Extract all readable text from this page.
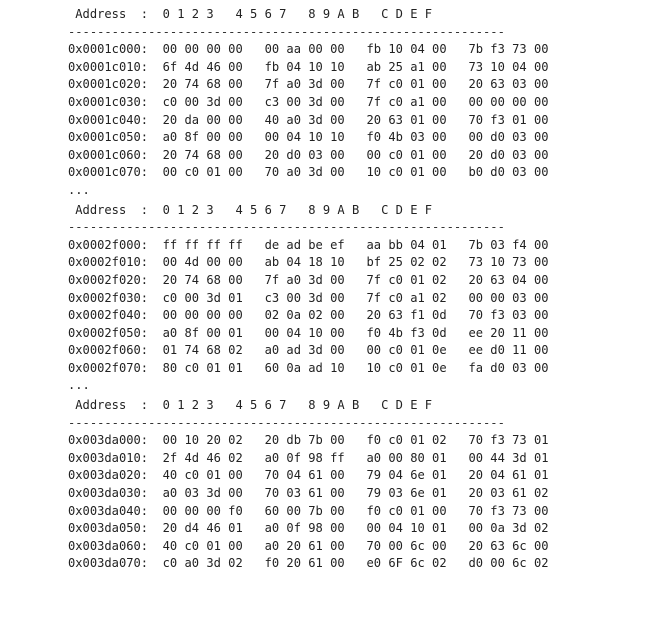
Address  :  0 1 2 3   4 5 6 7   8 9 A B   C D E F
------------------------------------------------------------
0x0001c000:  00 00 00 00   00 aa 00 00   fb 10 04 00   7b f3 73 00
0x0001c010:  6f 4d 46 00   fb 04 10 10   ab 25 a1 00   73 10 04 00
0x0001c020:  20 74 68 00   7f a0 3d 00   7f c0 01 00   20 63 03 00
0x0001c030:  c0 00 3d 00   c3 00 3d 00   7f c0 a1 00   00 00 00 00
0x0001c040:  20 da 00 00   40 a0 3d 00   20 63 01 00   70 f3 01 00
0x0001c050:  a0 8f 00 00   00 04 10 10   f0 4b 03 00   00 d0 03 00
0x0001c060:  20 74 68 00   20 d0 03 00   00 c0 01 00   20 d0 03 00
0x0001c070:  00 c0 01 00   70 a0 3d 00   10 c0 01 00   b0 d0 03 00
...
Address  :  0 1 2 3   4 5 6 7   8 9 A B   C D E F
------------------------------------------------------------
0x0002f000:  ff ff ff ff   de ad be ef   aa bb 04 01   7b 03 f4 00
0x0002f010:  00 4d 00 00   ab 04 18 10   bf 25 02 02   73 10 73 00
0x0002f020:  20 74 68 00   7f a0 3d 00   7f c0 01 02   20 63 04 00
0x0002f030:  c0 00 3d 01   c3 00 3d 00   7f c0 a1 02   00 00 03 00
0x0002f040:  00 00 00 00   02 0a 02 00   20 63 f1 0d   70 f3 03 00
0x0002f050:  a0 8f 00 01   00 04 10 00   f0 4b f3 0d   ee 20 11 00
0x0002f060:  01 74 68 02   a0 ad 3d 00   00 c0 01 0e   ee d0 11 00
0x0002f070:  80 c0 01 01   60 0a ad 10   10 c0 01 0e   fa d0 03 00
...
Address  :  0 1 2 3   4 5 6 7   8 9 A B   C D E F
------------------------------------------------------------
0x003da000:  00 10 20 02   20 db 7b 00   f0 c0 01 02   70 f3 73 01
0x003da010:  2f 4d 46 02   a0 0f 98 ff   a0 00 80 01   00 44 3d 01
0x003da020:  40 c0 01 00   70 04 61 00   79 04 6e 01   20 04 61 01
0x003da030:  a0 03 3d 00   70 03 61 00   79 03 6e 01   20 03 61 02
0x003da040:  00 00 00 f0   60 00 7b 00   f0 c0 01 00   70 f3 73 00
0x003da050:  20 d4 46 01   a0 0f 98 00   00 04 10 01   00 0a 3d 02
0x003da060:  40 c0 01 00   a0 20 61 00   70 00 6c 00   20 63 6c 00
0x003da070:  c0 a0 3d 02   f0 20 61 00   e0 6F 6c 02   d0 00 6c 02
